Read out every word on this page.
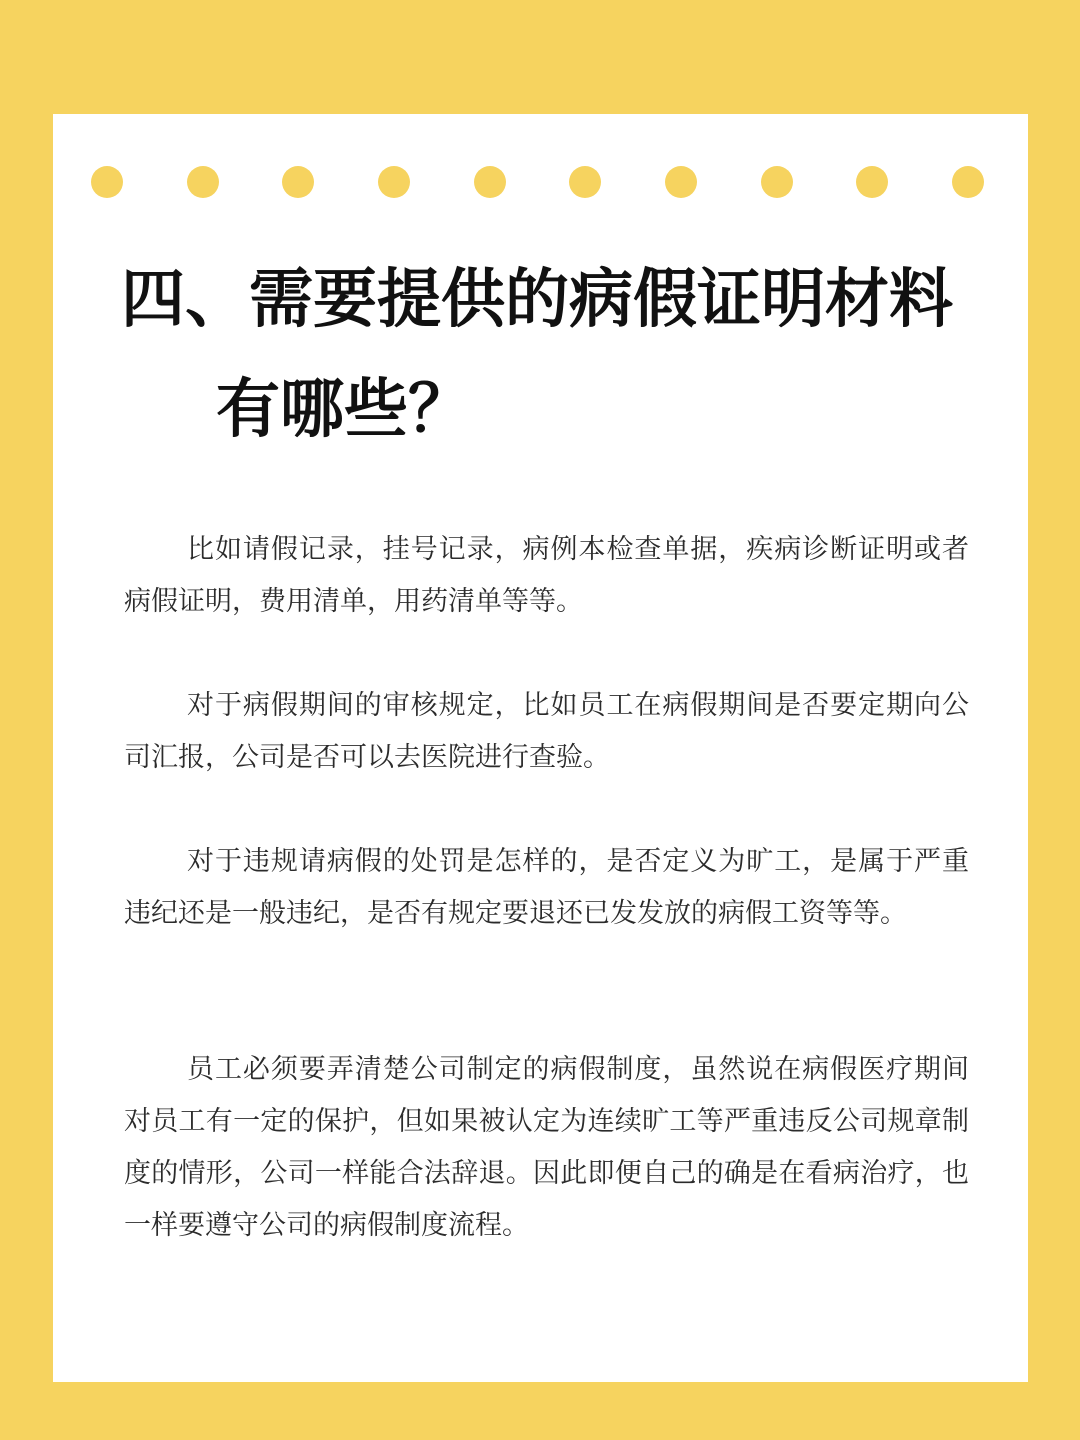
四、需要提供的病假证明材料
有哪些？

比如请假记录，挂号记录，病例本检查单据，疾病诊断证明或者病假证明，费用清单，用药清单等等。

对于病假期间的审核规定，比如员工在病假期间是否要定期向公司汇报，公司是否可以去医院进行查验。

对于违规请病假的处罚是怎样的，是否定义为旷工，是属于严重违纪还是一般违纪，是否有规定要退还已发发放的病假工资等等。

员工必须要弄清楚公司制定的病假制度，虽然说在病假医疗期间对员工有一定的保护，但如果被认定为连续旷工等严重违反公司规章制度的情形，公司一样能合法辞退。因此即便自己的确是在看病治疗，也一样要遵守公司的病假制度流程。
